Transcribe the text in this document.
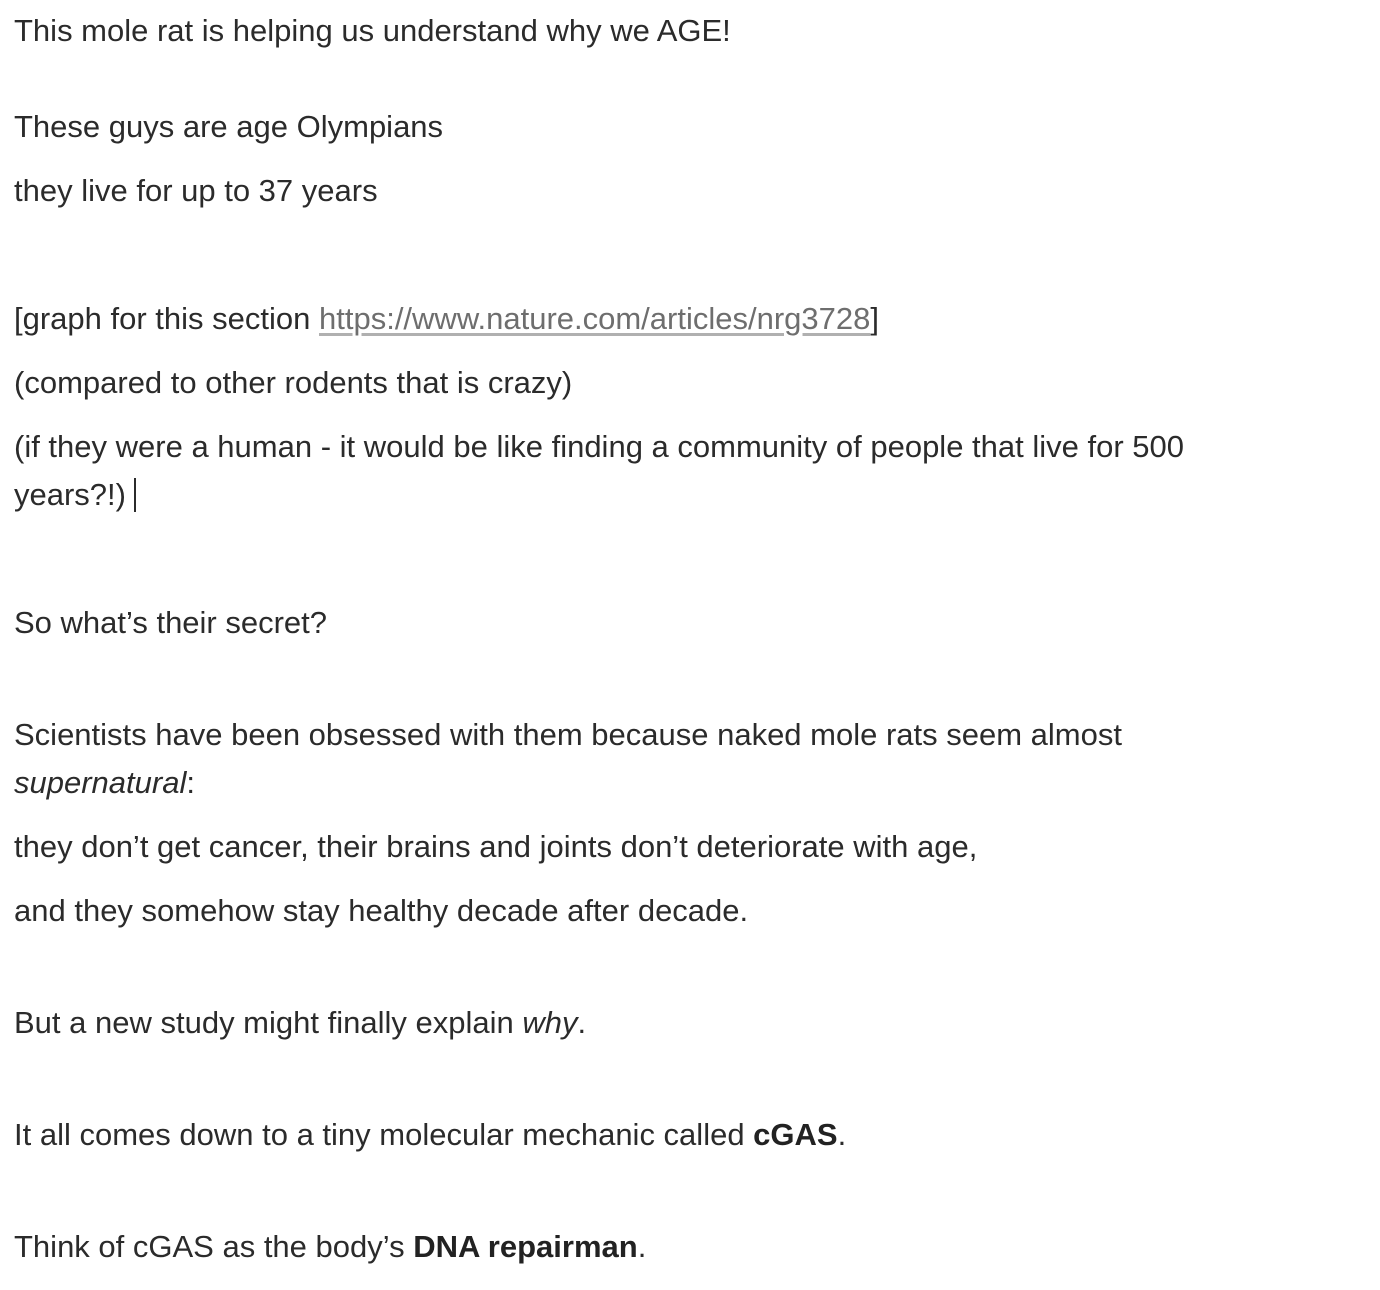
This mole rat is helping us understand why we AGE!
These guys are age Olympians
they live for up to 37 years
[graph for this section https://www.nature.com/articles/nrg3728]
(compared to other rodents that is crazy)
(if they were a human - it would be like finding a community of people that live for 500 years?!)
So what’s their secret?
Scientists have been obsessed with them because naked mole rats seem almost supernatural:
they don’t get cancer, their brains and joints don’t deteriorate with age,
and they somehow stay healthy decade after decade.
But a new study might finally explain why.
It all comes down to a tiny molecular mechanic called cGAS.
Think of cGAS as the body’s DNA repairman.
